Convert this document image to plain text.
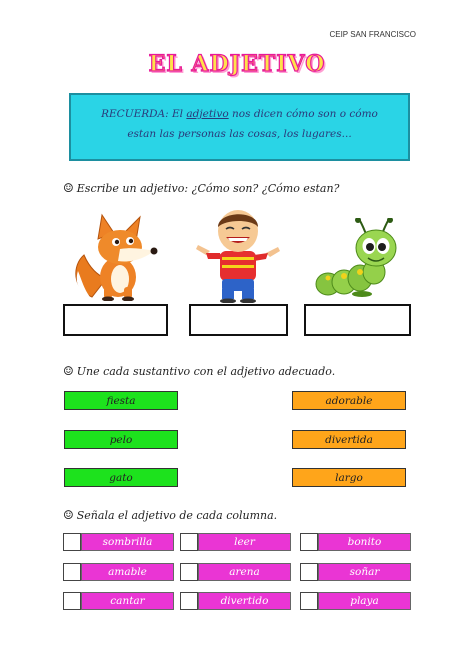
CEIP SAN FRANCISCO
EL ADJETIVO
RECUERDA: El adjetivo nos dicen cómo son o cómo
estan las personas las cosas, los lugares...
☺ Escribe un adjetivo: ¿Cómo son? ¿Cómo estan?
☺ Une cada sustantivo con el adjetivo adecuado.
fiesta
pelo
gato
adorable
divertida
largo
☺ Señala el adjetivo de cada columna.
sombrilla
amable
cantar
leer
arena
divertido
bonito
soñar
playa
